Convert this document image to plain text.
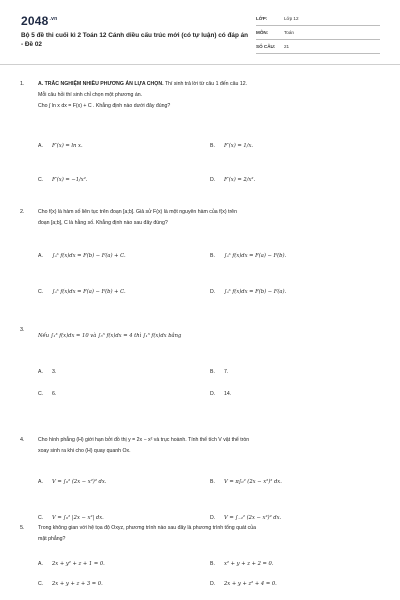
$2048^{.vn}$
Bộ 5 đề thi cuối kì 2 Toán 12 Cánh diều cấu trúc mới (có tự luận) có đáp án - Đề 02
LỚP:	Lớp 12
MÔN:	Toán
SỐ CÂU: 21
1.	A. TRẮC NGHIỆM NHIỀU PHƯƠNG ÁN LỰA CHỌN. Thí sinh trả lời từ câu 1 đến câu 12.
Mỗi câu hỏi thí sinh chỉ chọn một phương án.
Cho ∫ ln x dx = F(x) + C . Khẳng định nào dưới đây đúng?
A. F′(x) = ln x.	B. F′(x) = 1/x.
C. F′(x) = −1/x².	D. F′(x) = 2/x².
2.	Cho f(x) là hàm số liên tục trên đoạn [a;b]. Giả sử F(x) là một nguyên hàm của f(x) trên
đoạn [a;b], C là hằng số. Khẳng định nào sau đây đúng?
A. ∫ₐᵇ f(x)dx = F(b) − F(a) + C.	B. ∫ₐᵇ f(x)dx = F(a) − F(b).
C. ∫ₐᵇ f(x)dx = F(a) − F(b) + C.	D. ∫ₐᵇ f(x)dx = F(b) − F(a).
3.
Nếu ∫₁³ f(x)dx = 10 và ∫₃⁵ f(x)dx = 4 thì ∫₁⁵ f(x)dx bằng
A. 3.	B. 7.
C. 6.	D. 14.
4.	Cho hình phẳng (H) giới hạn bởi đồ thị y = 2x − x² và trục hoành. Tính thể tích V vật thể tròn
xoay sinh ra khi cho (H) quay quanh Ox.
A. V = ∫₀² (2x − x²)² dx.	B. V = π∫₀² (2x − x²)² dx.
C. V = ∫₀² |2x − x²| dx.	D. V = ∫₋₂² (2x − x²)² dx.
5.	Trong không gian với hệ tọa độ Oxyz, phương trình nào sau đây là phương trình tổng quát của
mặt phẳng?
A. 2x + y² + z + 1 = 0.	B. x² + y + z + 2 = 0.
C. 2x + y + z + 3 = 0.	D. 2x + y + z² + 4 = 0.
